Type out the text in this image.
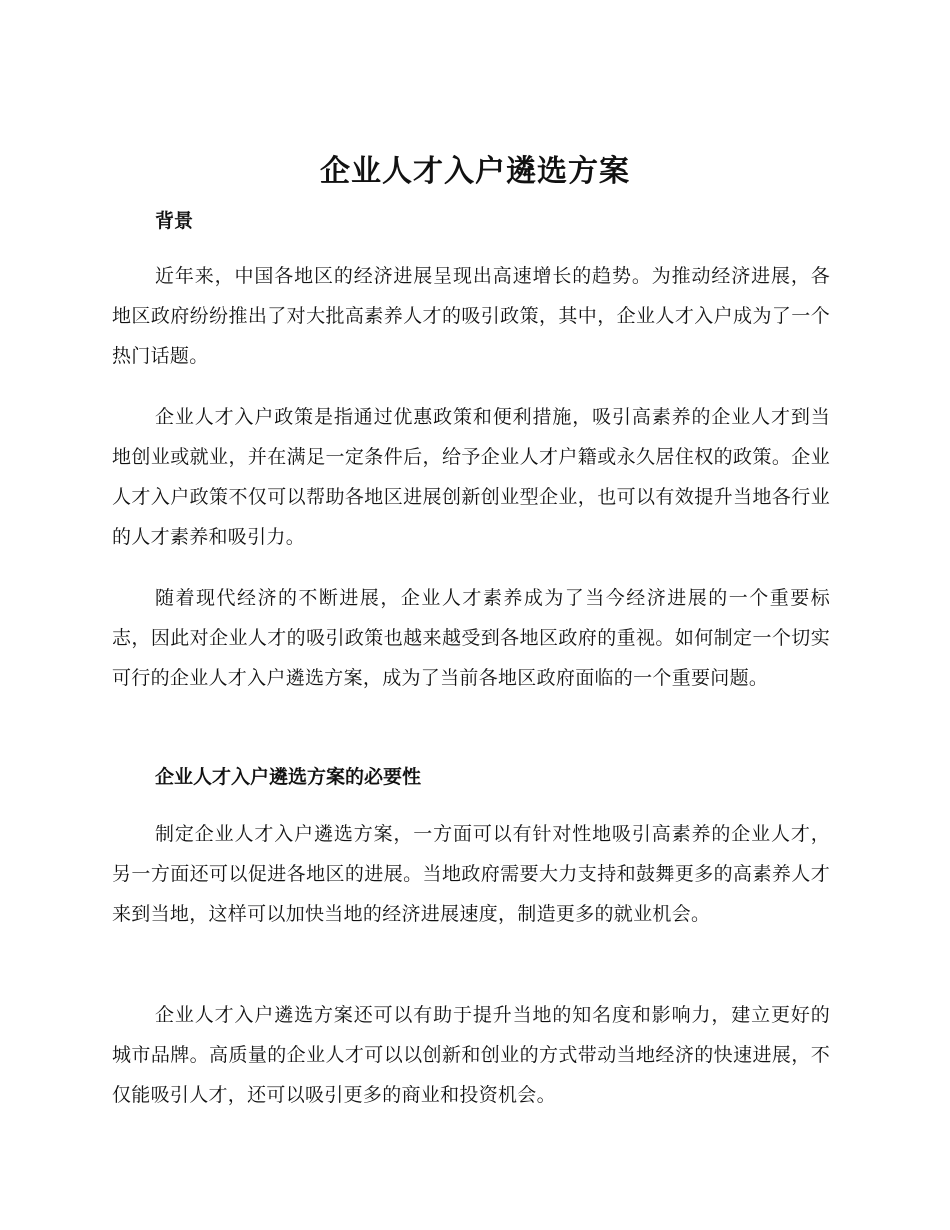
企业人才入户遴选方案
背景

近年来，中国各地区的经济进展呈现出高速增长的趋势。为推动经济进展，各地区政府纷纷推出了对大批高素养人才的吸引政策，其中，企业人才入户成为了一个热门话题。

企业人才入户政策是指通过优惠政策和便利措施，吸引高素养的企业人才到当地创业或就业，并在满足一定条件后，给予企业人才户籍或永久居住权的政策。企业人才入户政策不仅可以帮助各地区进展创新创业型企业，也可以有效提升当地各行业的人才素养和吸引力。

随着现代经济的不断进展，企业人才素养成为了当今经济进展的一个重要标志，因此对企业人才的吸引政策也越来越受到各地区政府的重视。如何制定一个切实可行的企业人才入户遴选方案，成为了当前各地区政府面临的一个重要问题。

企业人才入户遴选方案的必要性

制定企业人才入户遴选方案，一方面可以有针对性地吸引高素养的企业人才，另一方面还可以促进各地区的进展。当地政府需要大力支持和鼓舞更多的高素养人才来到当地，这样可以加快当地的经济进展速度，制造更多的就业机会。

企业人才入户遴选方案还可以有助于提升当地的知名度和影响力，建立更好的城市品牌。高质量的企业人才可以以创新和创业的方式带动当地经济的快速进展，不仅能吸引人才，还可以吸引更多的商业和投资机会。
